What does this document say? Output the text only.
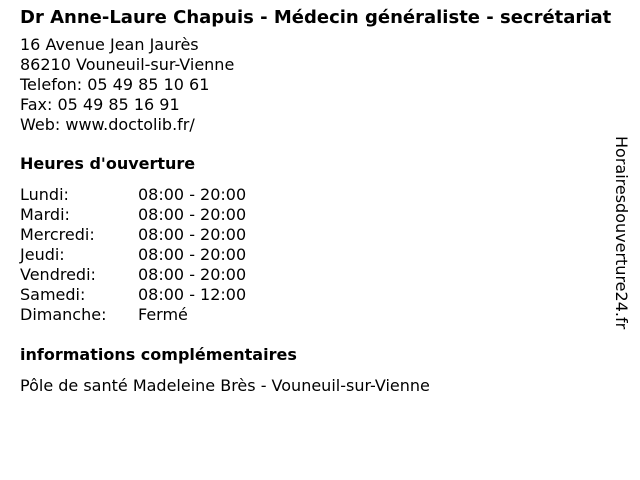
Dr Anne-Laure Chapuis - Médecin généraliste - secrétariat
16 Avenue Jean Jaurès
86210 Vouneuil-sur-Vienne
Telefon: 05 49 85 10 61
Fax: 05 49 85 16 91
Web: www.doctolib.fr/
Heures d'ouverture
Lundi:	08:00 - 20:00
Mardi:	08:00 - 20:00
Mercredi:	08:00 - 20:00
Jeudi:	08:00 - 20:00
Vendredi:	08:00 - 20:00
Samedi:	08:00 - 12:00
Dimanche:	Fermé
informations complémentaires
Pôle de santé Madeleine Brès - Vouneuil-sur-Vienne
Horairesdouverture24.fr
